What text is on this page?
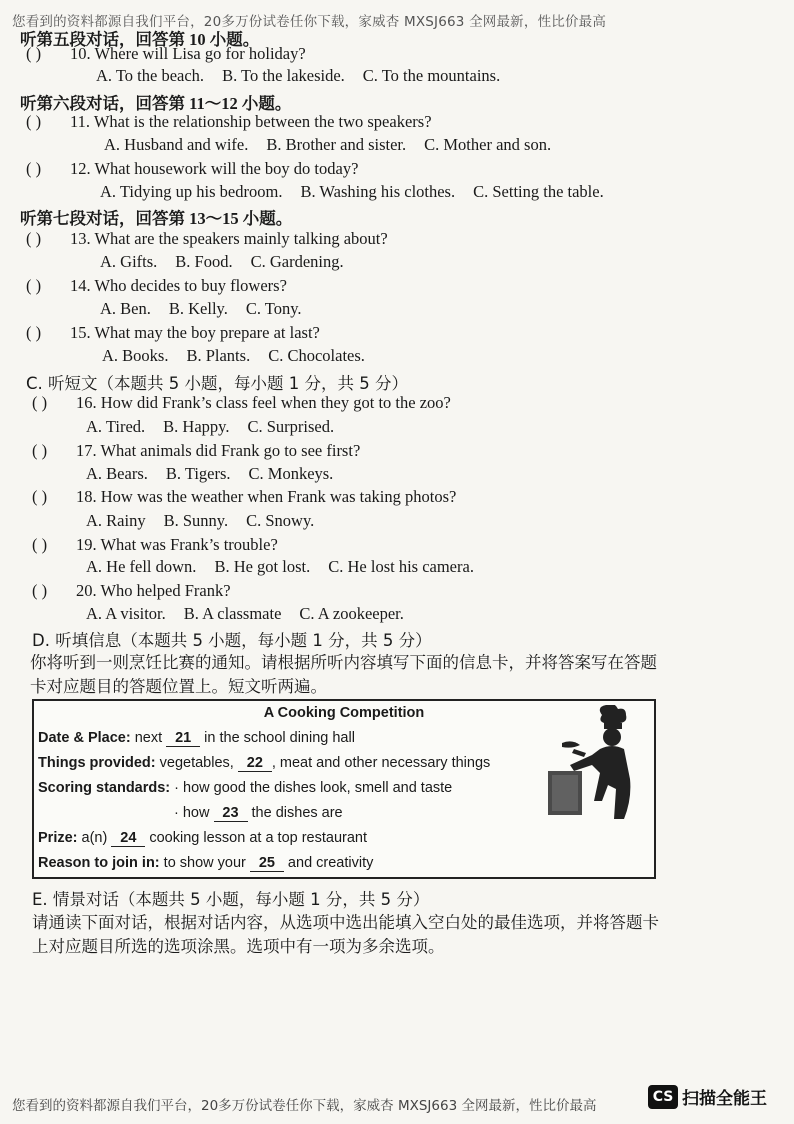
您看到的资料都源自我们平台，20多万份试卷任你下载，家威杏 MXSJ663 全网最新，性比价最高
听第五段对话，回答第 10 小题。
( ) 10. Where will Lisa go for holiday?
A. To the beach. B. To the lakeside. C. To the mountains.
听第六段对话，回答第 11～12 小题。
( ) 11. What is the relationship between the two speakers?
A. Husband and wife. B. Brother and sister. C. Mother and son.
( ) 12. What housework will the boy do today?
A. Tidying up his bedroom. B. Washing his clothes. C. Setting the table.
听第七段对话，回答第 13～15 小题。
( ) 13. What are the speakers mainly talking about?
A. Gifts. B. Food. C. Gardening.
( ) 14. Who decides to buy flowers?
A. Ben. B. Kelly. C. Tony.
( ) 15. What may the boy prepare at last?
A. Books. B. Plants. C. Chocolates.
C. 听短文（本题共 5 小题，每小题 1 分，共 5 分）
( ) 16. How did Frank’s class feel when they got to the zoo?
A. Tired. B. Happy. C. Surprised.
( ) 17. What animals did Frank go to see first?
A. Bears. B. Tigers. C. Monkeys.
( ) 18. How was the weather when Frank was taking photos?
A. Rainy B. Sunny. C. Snowy.
( ) 19. What was Frank’s trouble?
A. He fell down. B. He got lost. C. He lost his camera.
( ) 20. Who helped Frank?
A. A visitor. B. A classmate C. A zookeeper.
D. 听填信息（本题共 5 小题，每小题 1 分，共 5 分）
你将听到一则烹饪比赛的通知。请根据所听内容填写下面的信息卡，并将答案写在答题
卡对应题目的答题位置上。短文听两遍。
A Cooking Competition
Date & Place: next 21 in the school dining hall
Things provided: vegetables, 22 , meat and other necessary things
Scoring standards: · how good the dishes look, smell and taste
· how 23 the dishes are
Prize: a(n) 24 cooking lesson at a top restaurant
Reason to join in: to show your 25 and creativity
E. 情景对话（本题共 5 小题，每小题 1 分，共 5 分）
请通读下面对话，根据对话内容，从选项中选出能填入空白处的最佳选项，并将答题卡
上对应题目所选的选项涂黑。选项中有一项为多余选项。
您看到的资料都源自我们平台，20多万份试卷任你下载，家威杏 MXSJ663 全网最新，性比价最高
CS 扫描全能王
